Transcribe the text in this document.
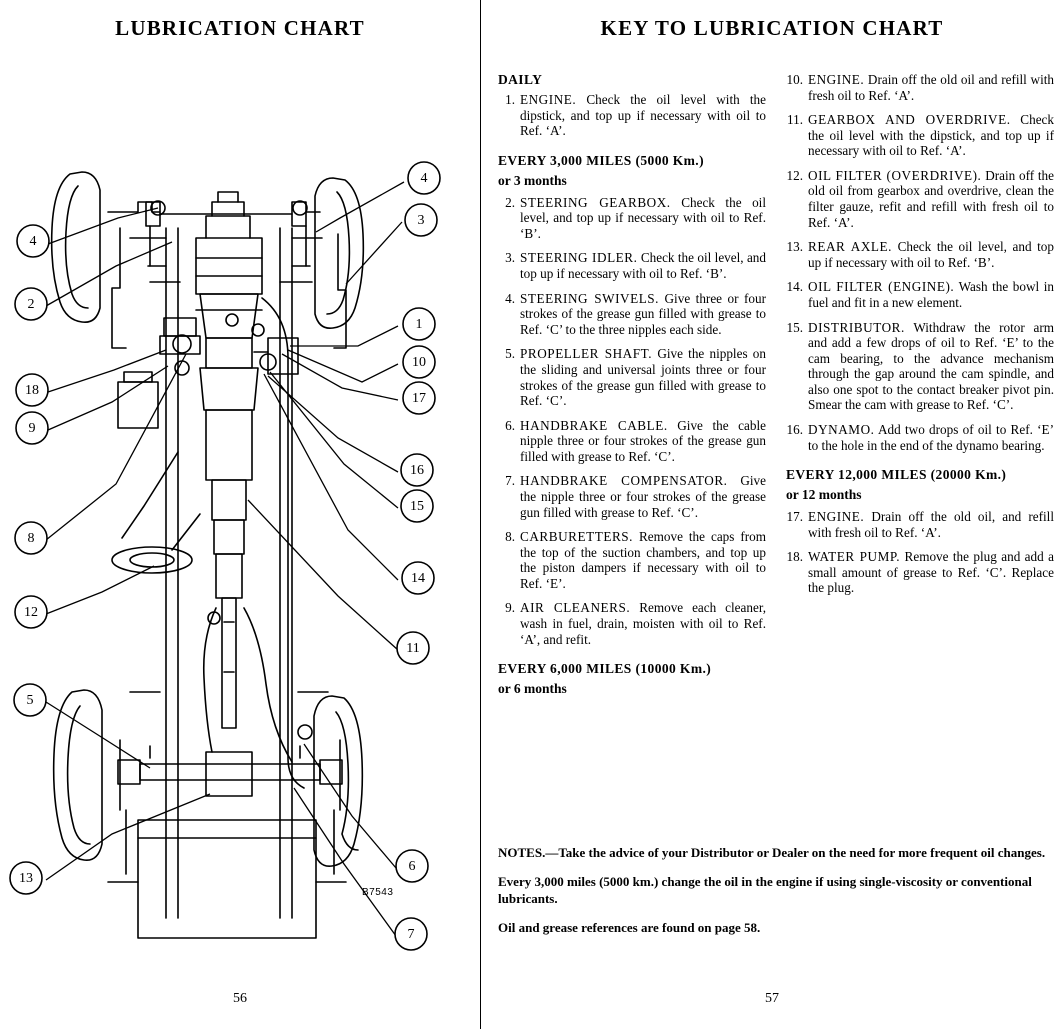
LUBRICATION CHART
4
3
4
2
1
10
17
18
9
16
15
8
14
12
11
5
6
7
13
B7543
56
KEY TO LUBRICATION CHART
DAILY
1. ENGINE. Check the oil level with the dipstick, and top up if necessary with oil to Ref. ‘A’.
EVERY 3,000 MILES (5000 Km.)
or 3 months
2. STEERING GEARBOX. Check the oil level, and top up if necessary with oil to Ref. ‘B’.
3. STEERING IDLER. Check the oil level, and top up if necessary with oil to Ref. ‘B’.
4. STEERING SWIVELS. Give three or four strokes of the grease gun filled with grease to Ref. ‘C’ to the three nipples each side.
5. PROPELLER SHAFT. Give the nipples on the sliding and universal joints three or four strokes of the grease gun filled with grease to Ref. ‘C’.
6. HANDBRAKE CABLE. Give the cable nipple three or four strokes of the grease gun filled with grease to Ref. ‘C’.
7. HANDBRAKE COMPENSATOR. Give the nipple three or four strokes of the grease gun filled with grease to Ref. ‘C’.
8. CARBURETTERS. Remove the caps from the top of the suction chambers, and top up the piston dampers if necessary with oil to Ref. ‘E’.
9. AIR CLEANERS. Remove each cleaner, wash in fuel, drain, moisten with oil to Ref. ‘A’, and refit.
EVERY 6,000 MILES (10000 Km.)
or 6 months
10. ENGINE. Drain off the old oil and refill with fresh oil to Ref. ‘A’.
11. GEARBOX AND OVERDRIVE. Check the oil level with the dipstick, and top up if necessary with oil to Ref. ‘A’.
12. OIL FILTER (OVERDRIVE). Drain off the old oil from gearbox and overdrive, clean the filter gauze, refit and refill with fresh oil to Ref. ‘A’.
13. REAR AXLE. Check the oil level, and top up if necessary with oil to Ref. ‘B’.
14. OIL FILTER (ENGINE). Wash the bowl in fuel and fit in a new element.
15. DISTRIBUTOR. Withdraw the rotor arm and add a few drops of oil to Ref. ‘E’ to the cam bearing, to the advance mechanism through the gap around the cam spindle, and also one spot to the contact breaker pivot pin. Smear the cam with grease to Ref. ‘C’.
16. DYNAMO. Add two drops of oil to Ref. ‘E’ to the hole in the end of the dynamo bearing.
EVERY 12,000 MILES (20000 Km.)
or 12 months
17. ENGINE. Drain off the old oil, and refill with fresh oil to Ref. ‘A’.
18. WATER PUMP. Remove the plug and add a small amount of grease to Ref. ‘C’. Replace the plug.

NOTES.—Take the advice of your Distributor or Dealer on the need for more frequent oil changes.

Every 3,000 miles (5000 km.) change the oil in the engine if using single-viscosity or conventional lubricants.

Oil and grease references are found on page 58.

57
